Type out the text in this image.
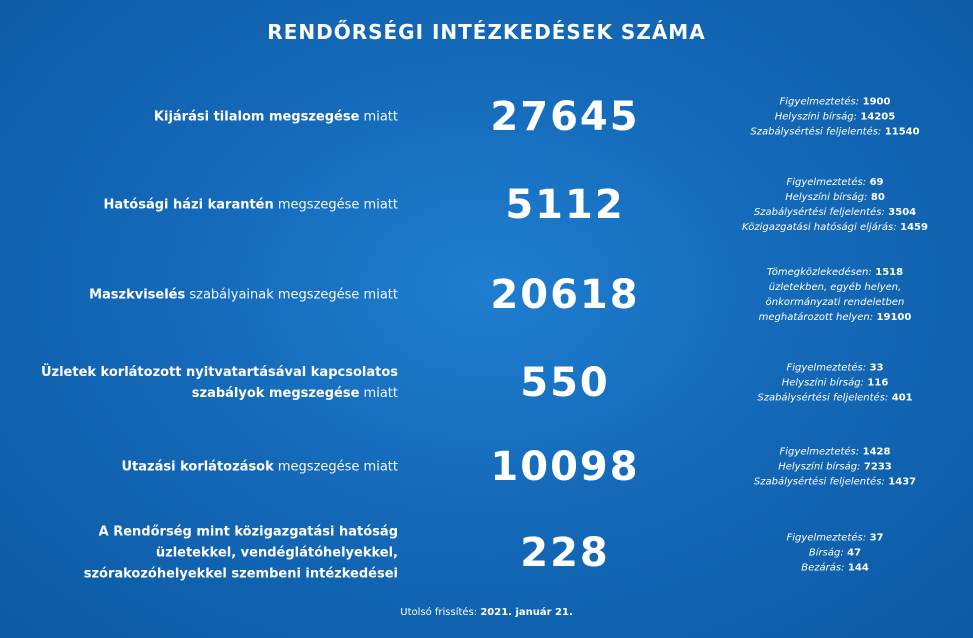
RENDŐRSÉGI INTÉZKEDÉSEK SZÁMA
Kijárási tilalom megszegése miatt	27645	Figyelmeztetés: 1900
Helyszíni bírság: 14205
Szabálysértési feljelentés: 11540
Hatósági házi karantén megszegése miatt	5112	Figyelmeztetés: 69
Helyszíni bírság: 80
Szabálysértési feljelentés: 3504
Közigazgatási hatósági eljárás: 1459
Maszkviselés szabályainak megszegése miatt	20618	Tömegközlekedésen: 1518
üzletekben, egyéb helyen,
önkormányzati rendeletben
meghatározott helyen: 19100
Üzletek korlátozott nyitvatartásával kapcsolatos szabályok megszegése miatt	550	Figyelmeztetés: 33
Helyszíni bírság: 116
Szabálysértési feljelentés: 401
Utazási korlátozások megszegése miatt	10098	Figyelmeztetés: 1428
Helyszíni bírság: 7233
Szabálysértési feljelentés: 1437
A Rendőrség mint közigazgatási hatóság üzletekkel, vendéglátóhelyekkel, szórakozóhelyekkel szembeni intézkedései	228	Figyelmeztetés: 37
Bírság: 47
Bezárás: 144
Utolsó frissítés: 2021. január 21.
